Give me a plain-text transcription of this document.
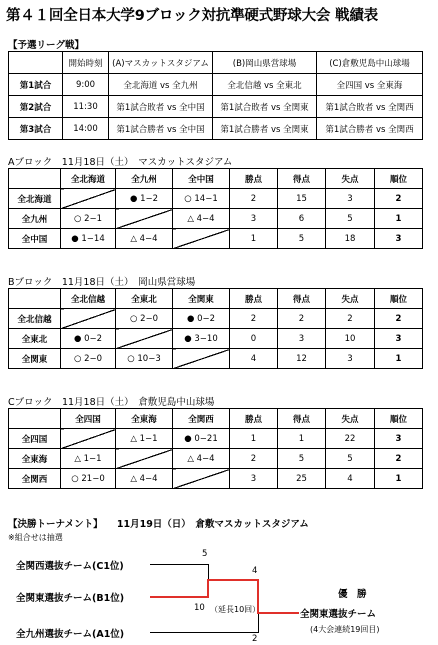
第４１回全日本大学9ブロック対抗準硬式野球大会 戦績表
【予選リーグ戦】
	開始時刻	(A)マスカットスタジアム	(B)岡山県営球場	(C)倉敷児島中山球場
第1試合	9:00	全北海道 vs 全九州	全北信越 vs 全東北	全四国 vs 全東海
第2試合	11:30	第1試合敗者 vs 全中国	第1試合敗者 vs 全関東	第1試合敗者 vs 全関西
第3試合	14:00	第1試合勝者 vs 全中国	第1試合勝者 vs 全関東	第1試合勝者 vs 全関西
Aブロック　11月18日（土）　マスカットスタジアム
	全北海道	全九州	全中国	勝点	得点	失点	順位
全北海道		● 1−2	○ 14−1	2	15	3	2
全九州	○ 2−1		△ 4−4	3	6	5	1
全中国	● 1−14	△ 4−4		1	5	18	3
Bブロック　11月18日（土）　岡山県営球場
	全北信越	全東北	全関東	勝点	得点	失点	順位
全北信越		○ 2−0	● 0−2	2	2	2	2
全東北	● 0−2		● 3−10	0	3	10	3
全関東	○ 2−0	○ 10−3		4	12	3	1
Cブロック　11月18日（土）　倉敷児島中山球場
	全四国	全東海	全関西	勝点	得点	失点	順位
全四国		△ 1−1	● 0−21	1	1	22	3
全東海	△ 1−1		△ 4−4	2	5	5	2
全関西	○ 21−0	△ 4−4		3	25	4	1
【決勝トーナメント】　　11月19日（日）　倉敷マスカットスタジアム
※組合せは抽選
全関西選抜チーム(C1位)
全関東選抜チーム(B1位)
全九州選抜チーム(A1位)
5
10 （延長10回）
4
2
優　勝
全関東選抜チーム
(4大会連続19回目)
